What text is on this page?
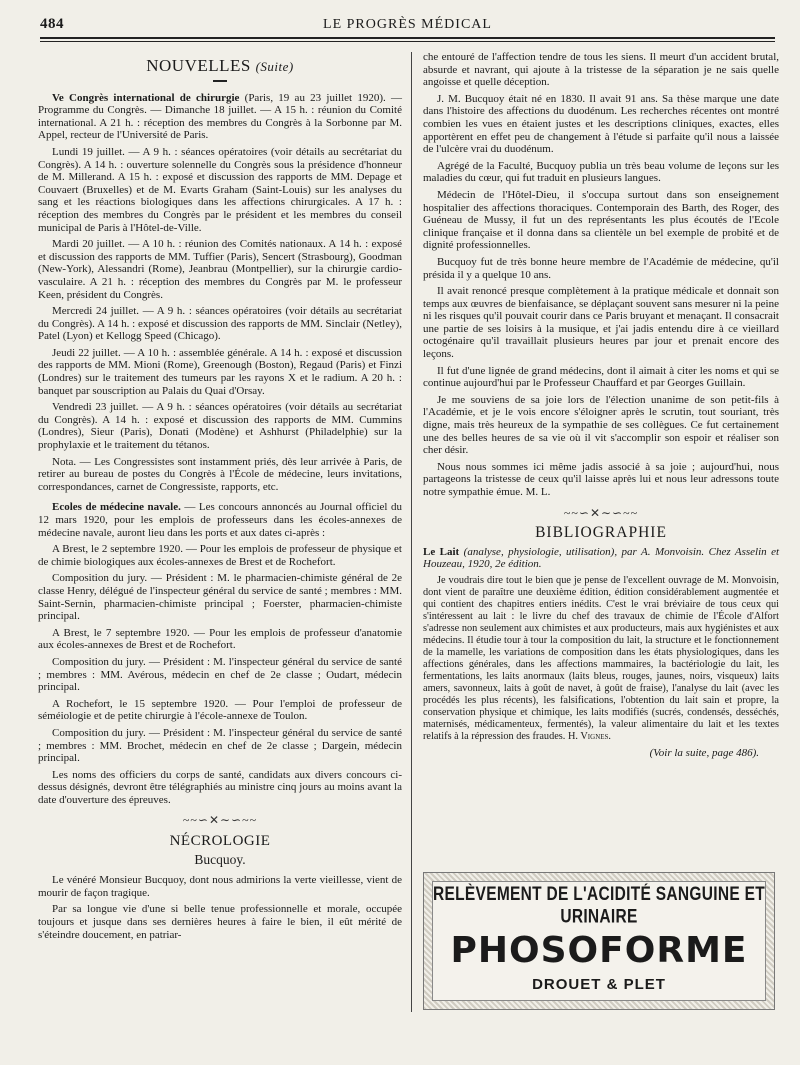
484	LE PROGRÈS MÉDICAL
NOUVELLES (Suite)

Ve Congrès international de chirurgie (Paris, 19 au 23 juillet 1920). — Programme du Congrès. — Dimanche 18 juillet. — A 15 h. : réunion du Comité international. A 21 h. : réception des membres du Congrès à la Sorbonne par M. Appel, recteur de l'Université de Paris.

Lundi 19 juillet. — A 9 h. : séances opératoires (voir détails au secrétariat du Congrès). A 14 h. : ouverture solennelle du Congrès sous la présidence d'honneur de M. Millerand. A 15 h. : exposé et discussion des rapports de MM. Depage et Couvaert (Bruxelles) et de M. Evarts Graham (Saint-Louis) sur les analyses du sang et les réactions biologiques dans les affections chirurgicales. A 17 h. : réception des membres du Congrès par le président et les membres du conseil municipal de Paris à l'Hôtel-de-Ville.

Mardi 20 juillet. — A 10 h. : réunion des Comités nationaux. A 14 h. : exposé et discussion des rapports de MM. Tuffier (Paris), Sencert (Strasbourg), Goodman (New-York), Alessandri (Rome), Jeanbrau (Montpellier), sur la chirurgie cardio-vasculaire. A 21 h. : réception des membres du Congrès par M. le professeur Keen, président du Congrès.

Mercredi 24 juillet. — A 9 h. : séances opératoires (voir détails au secrétariat du Congrès). A 14 h. : exposé et discussion des rapports de MM. Sinclair (Netley), Patel (Lyon) et Kellogg Speed (Chicago).

Jeudi 22 juillet. — A 10 h. : assemblée générale. A 14 h. : exposé et discussion des rapports de MM. Mioni (Rome), Greenough (Boston), Regaud (Paris) et Finzi (Londres) sur le traitement des tumeurs par les rayons X et le radium. A 20 h. : banquet par souscription au Palais du Quai d'Orsay.

Vendredi 23 juillet. — A 9 h. : séances opératoires (voir détails au secrétariat du Congrès). A 14 h. : exposé et discussion des rapports de MM. Cummins (Londres), Sieur (Paris), Donati (Modène) et Ashhurst (Philadelphie) sur la prophylaxie et le traitement du tétanos.

Nota. — Les Congressistes sont instamment priés, dès leur arrivée à Paris, de retirer au bureau de postes du Congrès à l'École de médecine, leurs invitations, correspondances, carnet de Congressiste, rapports, etc.

Ecoles de médecine navale. — Les concours annoncés au Journal officiel du 12 mars 1920, pour les emplois de professeurs dans les écoles-annexes de médecine navale, auront lieu dans les ports et aux dates ci-après :

A Brest, le 2 septembre 1920. — Pour les emplois de professeur de physique et de chimie biologiques aux écoles-annexes de Brest et de Rochefort.

Composition du jury. — Président : M. le pharmacien-chimiste général de 2e classe Henry, délégué de l'inspecteur général du service de santé ; membres : MM. Saint-Sernin, pharmacien-chimiste principal ; Foerster, pharmacien-chimiste principal.

A Brest, le 7 septembre 1920. — Pour les emplois de professeur d'anatomie aux écoles-annexes de Brest et de Rochefort.

Composition du jury. — Président : M. l'inspecteur général du service de santé ; membres : MM. Avérous, médecin en chef de 2e classe ; Oudart, médecin principal.

A Rochefort, le 15 septembre 1920. — Pour l'emploi de professeur de séméiologie et de petite chirurgie à l'école-annexe de Toulon.

Composition du jury. — Président : M. l'inspecteur général du service de santé ; membres : MM. Brochet, médecin en chef de 2e classe ; Dargein, médecin principal.

Les noms des officiers du corps de santé, candidats aux divers concours ci-dessus désignés, devront être télégraphiés au ministre cinq jours au moins avant la date d'ouverture des épreuves.

~~∽✕∼∽~~
NÉCROLOGIE
Bucquoy.

Le vénéré Monsieur Bucquoy, dont nous admirions la verte vieillesse, vient de mourir de façon tragique.

Par sa longue vie d'une si belle tenue professionnelle et morale, occupée toujours et jusque dans ses dernières heures à faire le bien, il eût mérité de s'éteindre doucement, en patriar-

che entouré de l'affection tendre de tous les siens. Il meurt d'un accident brutal, absurde et navrant, qui ajoute à la tristesse de la séparation je ne sais quelle angoisse et quelle déception.

J. M. Bucquoy était né en 1830. Il avait 91 ans. Sa thèse marque une date dans l'histoire des affections du duodénum. Les recherches récentes ont montré combien les vues en étaient justes et les descriptions cliniques, exactes, elles apportèrent en effet peu de changement à l'étude si parfaite qu'il nous a laissée de l'ulcère vrai du duodénum.

Agrégé de la Faculté, Bucquoy publia un très beau volume de leçons sur les maladies du cœur, qui fut traduit en plusieurs langues.

Médecin de l'Hôtel-Dieu, il s'occupa surtout dans son enseignement hospitalier des affections thoraciques. Contemporain des Barth, des Roger, des Guéneau de Mussy, il fut un des représentants les plus écoutés de l'Ecole clinique française et il donna dans sa clientèle un bel exemple de probité et de dignité professionnelles.

Bucquoy fut de très bonne heure membre de l'Académie de médecine, qu'il présida il y a quelque 10 ans.

Il avait renoncé presque complètement à la pratique médicale et donnait son temps aux œuvres de bienfaisance, se déplaçant souvent sans mesurer ni la peine ni les risques qu'il pouvait courir dans ce Paris bruyant et menaçant. Il consacrait une partie de ses loisirs à la musique, et j'ai jadis entendu dire à ce vieillard octogénaire qu'il travaillait plusieurs heures par jour et prenait encore des leçons.

Il fut d'une lignée de grand médecins, dont il aimait à citer les noms et qui se continue aujourd'hui par le Professeur Chauffard et par Georges Guillain.

Je me souviens de sa joie lors de l'élection unanime de son petit-fils à l'Académie, et je le vois encore s'éloigner après le scrutin, tout souriant, très digne, mais très heureux de la sympathie de ses collègues. Ce fut certainement une des belles heures de sa vie où il vit s'accomplir son espoir et réaliser son cher désir.

Nous nous sommes ici même jadis associé à sa joie ; aujourd'hui, nous partageons la tristesse de ceux qu'il laisse après lui et nous leur adressons toute notre sympathie émue. M. L.

~~∽✕∼∽~~
BIBLIOGRAPHIE

Le Lait (analyse, physiologie, utilisation), par A. Monvoisin. Chez Asselin et Houzeau, 1920, 2e édition.

Je voudrais dire tout le bien que je pense de l'excellent ouvrage de M. Monvoisin, dont vient de paraître une deuxième édition, édition considérablement augmentée et qui contient des chapitres entiers inédits. C'est le vrai bréviaire de tous ceux qui s'intéressent au lait : le livre du chef des travaux de chimie de l'École d'Alfort s'adresse non seulement aux chimistes et aux producteurs, mais aux hygiénistes et aux médecins. Il étudie tour à tour la composition du lait, la structure et le fonctionnement de la mamelle, les variations de composition dans les états physiologiques, dans les affections générales, dans les affections mammaires, la bactériologie du lait, les fermentations, les laits anormaux (laits bleus, rouges, jaunes, noirs, visqueux) laits amers, savonneux, laits à goût de navet, à goût de fraise), l'analyse du lait (avec les procédés les plus récents), les falsifications, l'obtention du lait sain et propre, la conservation physique et chimique, les laits modifiés (sucrés, condensés, desséchés, maternisés, médicamenteux, fermentés), la valeur alimentaire du lait et les textes relatifs à la répression des fraudes. H. Vignes.

(Voir la suite, page 486).
RELÈVEMENT DE L'ACIDITÉ SANGUINE ET URINAIRE
PHOSOFORME
DROUET & PLET
